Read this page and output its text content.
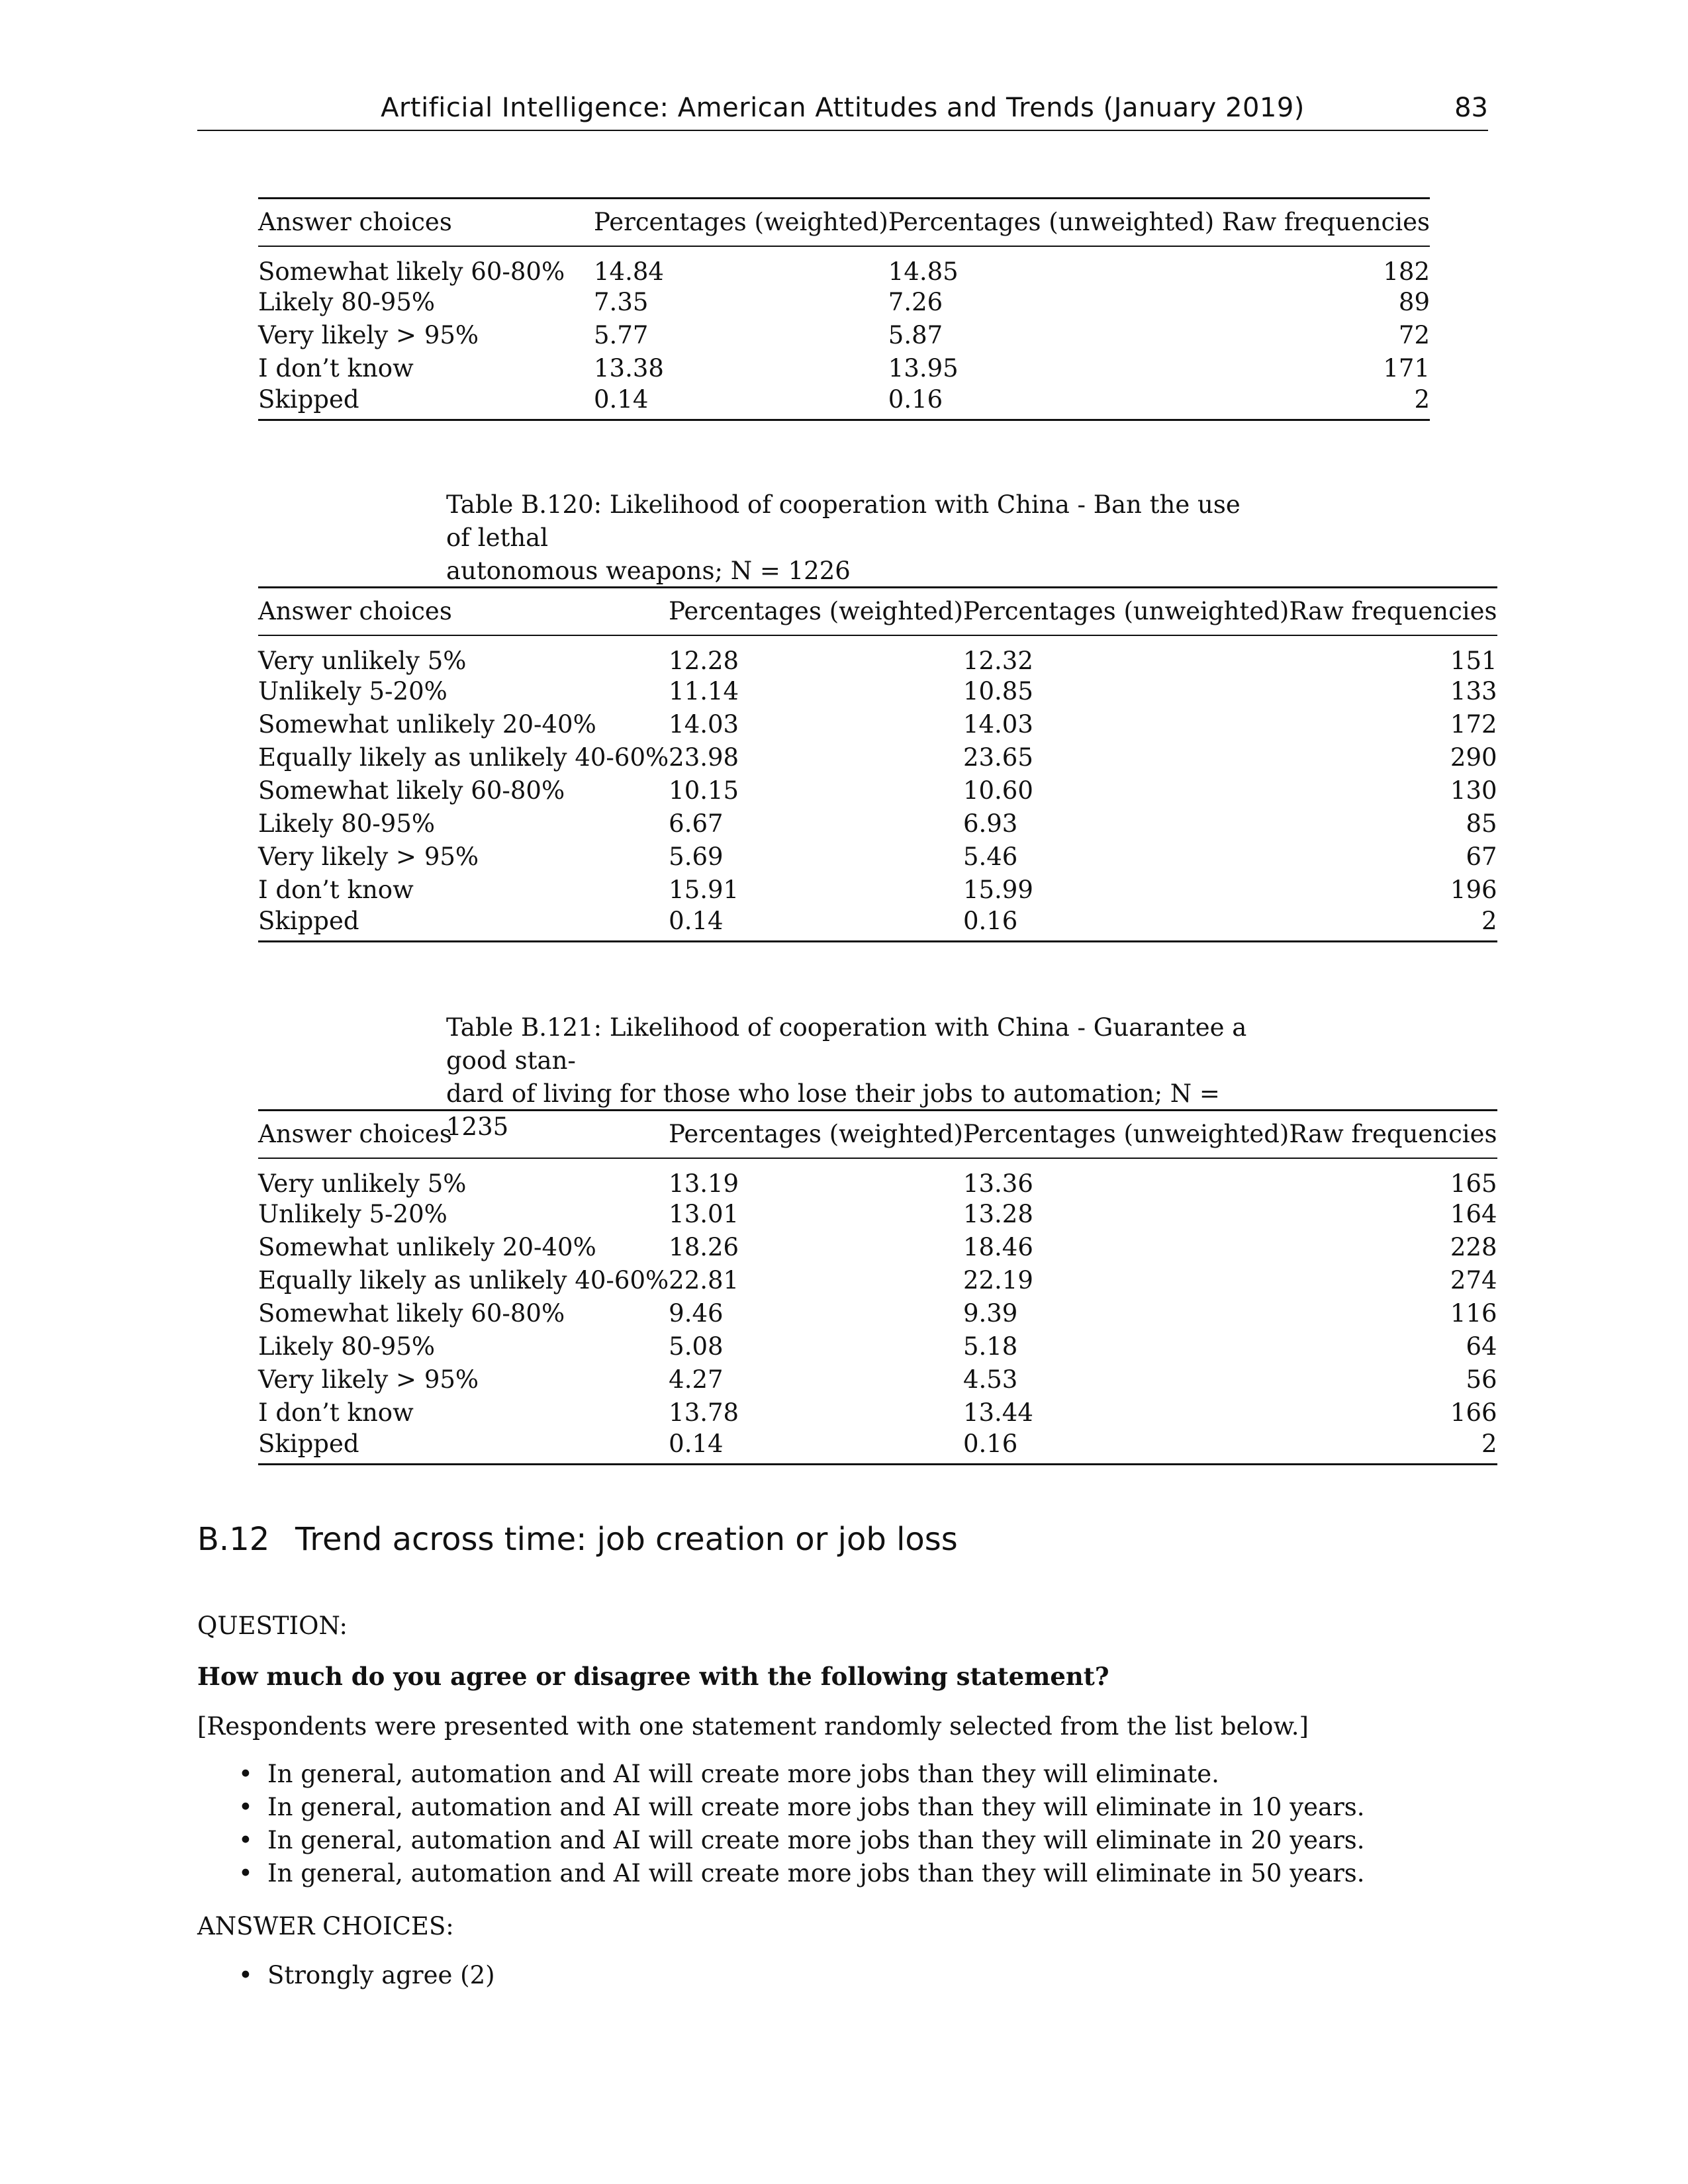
Artificial Intelligence: American Attitudes and Trends (January 2019)	83
Answer choices	Percentages (weighted)	Percentages (unweighted)	Raw frequencies
Somewhat likely 60-80%	14.84	14.85	182
Likely 80-95%	7.35	7.26	89
Very likely > 95%	5.77	5.87	72
I don’t know	13.38	13.95	171
Skipped	0.14	0.16	2
Table B.120: Likelihood of cooperation with China - Ban the use of lethal
autonomous weapons; N = 1226
Answer choices	Percentages (weighted)	Percentages (unweighted)	Raw frequencies
Very unlikely 5%	12.28	12.32	151
Unlikely 5-20%	11.14	10.85	133
Somewhat unlikely 20-40%	14.03	14.03	172
Equally likely as unlikely 40-60%	23.98	23.65	290
Somewhat likely 60-80%	10.15	10.60	130
Likely 80-95%	6.67	6.93	85
Very likely > 95%	5.69	5.46	67
I don’t know	15.91	15.99	196
Skipped	0.14	0.16	2
Table B.121: Likelihood of cooperation with China - Guarantee a good stan-
dard of living for those who lose their jobs to automation; N = 1235
Answer choices	Percentages (weighted)	Percentages (unweighted)	Raw frequencies
Very unlikely 5%	13.19	13.36	165
Unlikely 5-20%	13.01	13.28	164
Somewhat unlikely 20-40%	18.26	18.46	228
Equally likely as unlikely 40-60%	22.81	22.19	274
Somewhat likely 60-80%	9.46	9.39	116
Likely 80-95%	5.08	5.18	64
Very likely > 95%	4.27	4.53	56
I don’t know	13.78	13.44	166
Skipped	0.14	0.16	2
B.12 Trend across time: job creation or job loss
QUESTION:
How much do you agree or disagree with the following statement?
[Respondents were presented with one statement randomly selected from the list below.]
• In general, automation and AI will create more jobs than they will eliminate.
• In general, automation and AI will create more jobs than they will eliminate in 10 years.
• In general, automation and AI will create more jobs than they will eliminate in 20 years.
• In general, automation and AI will create more jobs than they will eliminate in 50 years.
ANSWER CHOICES:
• Strongly agree (2)
